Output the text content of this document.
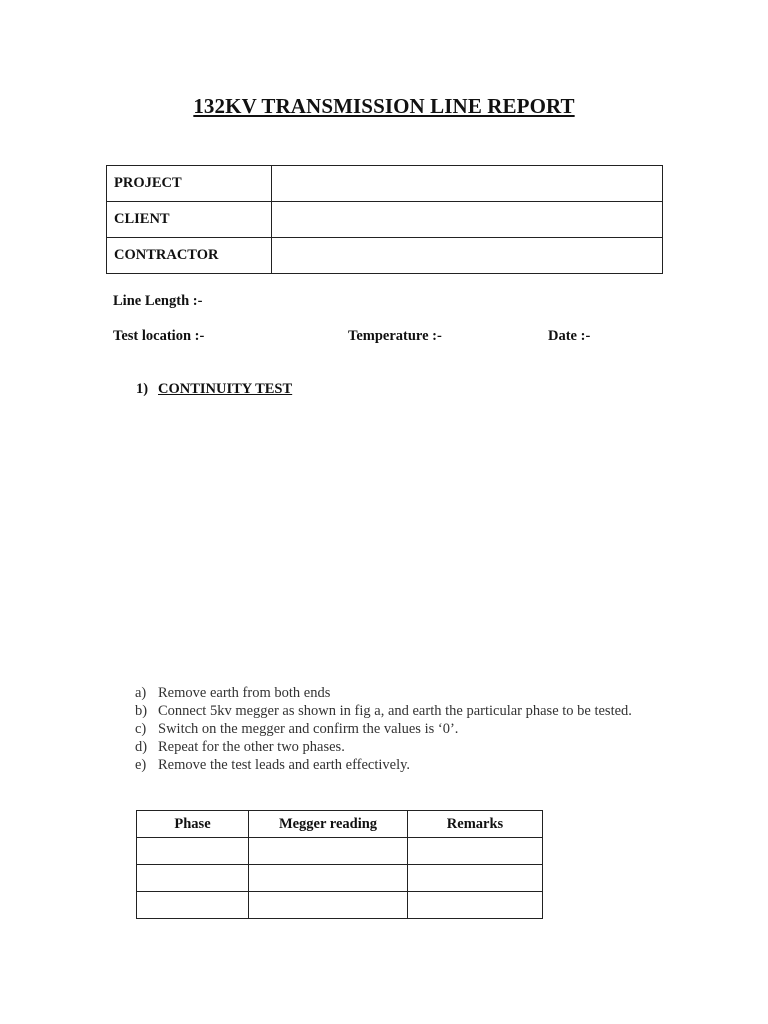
132KV TRANSMISSION LINE REPORT
PROJECT	
CLIENT	
CONTRACTOR	
Line Length :-
Test location :-	Temperature :-	Date :-
1) CONTINUITY TEST
a) Remove earth from both ends
b) Connect 5kv megger as shown in fig a, and earth the particular phase to be tested.
c) Switch on the megger and confirm the values is ‘0’.
d) Repeat for the other two phases.
e) Remove the test leads and earth effectively.
Phase	Megger reading	Remarks
